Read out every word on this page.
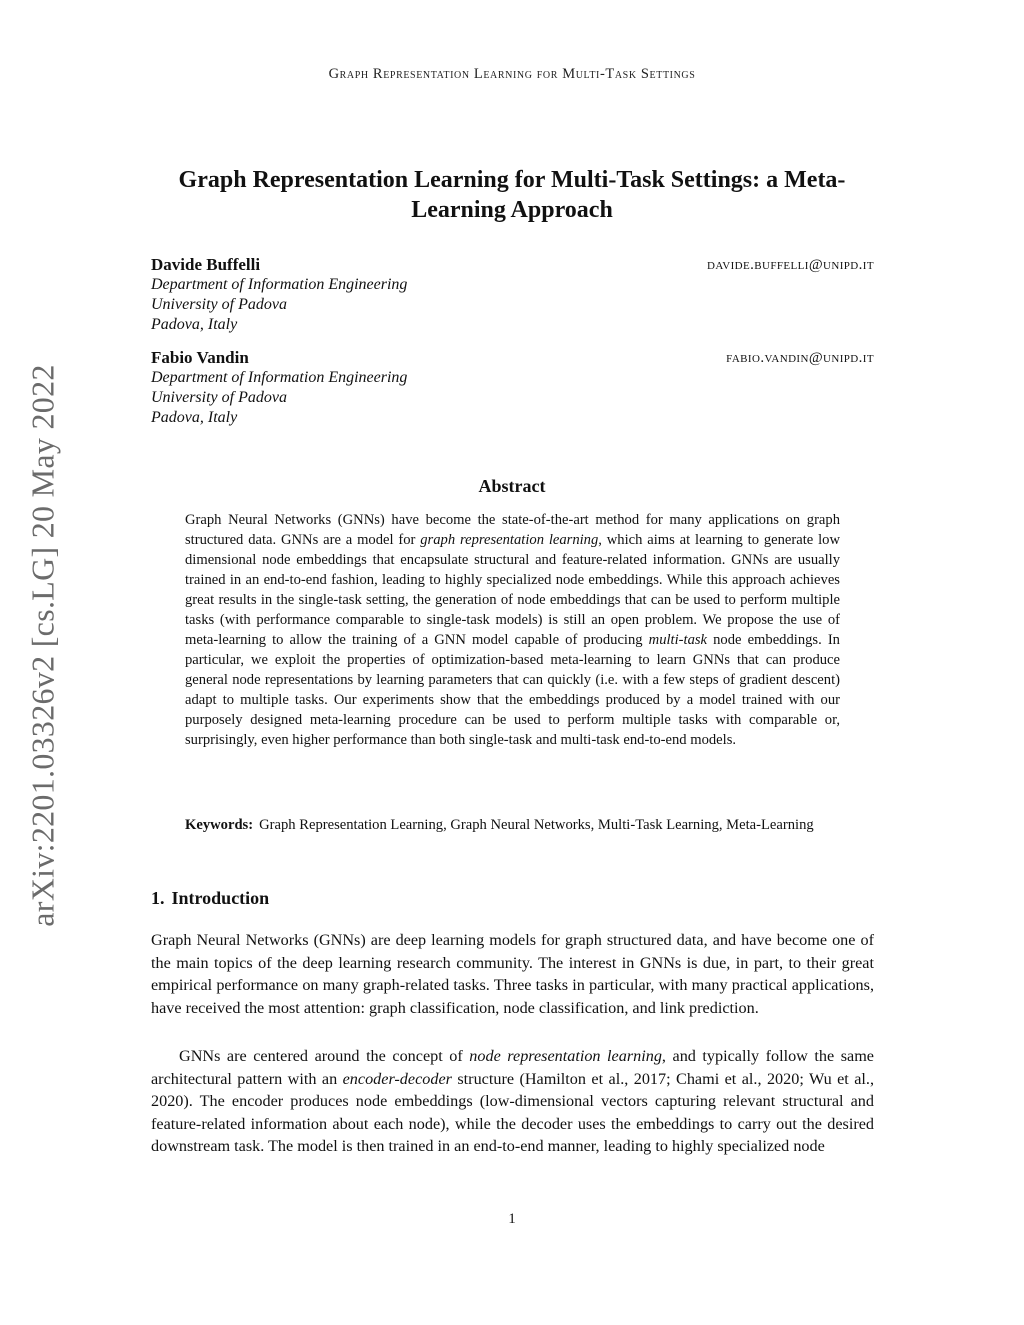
Graph Representation Learning for Multi-Task Settings
arXiv:2201.03326v2 [cs.LG] 20 May 2022
Graph Representation Learning for Multi-Task Settings: a Meta-Learning Approach
Davide Buffelli	davide.buffelli@unipd.it
Department of Information Engineering
University of Padova
Padova, Italy
Fabio Vandin	fabio.vandin@unipd.it
Department of Information Engineering
University of Padova
Padova, Italy
Abstract

Graph Neural Networks (GNNs) have become the state-of-the-art method for many applications on graph structured data. GNNs are a model for graph representation learning, which aims at learning to generate low dimensional node embeddings that encapsulate structural and feature-related information. GNNs are usually trained in an end-to-end fashion, leading to highly specialized node embeddings. While this approach achieves great results in the single-task setting, the generation of node embeddings that can be used to perform multiple tasks (with performance comparable to single-task models) is still an open problem. We propose the use of meta-learning to allow the training of a GNN model capable of producing multi-task node embeddings. In particular, we exploit the properties of optimization-based meta-learning to learn GNNs that can produce general node representations by learning parameters that can quickly (i.e. with a few steps of gradient descent) adapt to multiple tasks. Our experiments show that the embeddings produced by a model trained with our purposely designed meta-learning procedure can be used to perform multiple tasks with comparable or, surprisingly, even higher performance than both single-task and multi-task end-to-end models.

Keywords: Graph Representation Learning, Graph Neural Networks, Multi-Task Learning, Meta-Learning

1. Introduction

Graph Neural Networks (GNNs) are deep learning models for graph structured data, and have become one of the main topics of the deep learning research community. The interest in GNNs is due, in part, to their great empirical performance on many graph-related tasks. Three tasks in particular, with many practical applications, have received the most attention: graph classification, node classification, and link prediction.

GNNs are centered around the concept of node representation learning, and typically follow the same architectural pattern with an encoder-decoder structure (Hamilton et al., 2017; Chami et al., 2020; Wu et al., 2020). The encoder produces node embeddings (low-dimensional vectors capturing relevant structural and feature-related information about each node), while the decoder uses the embeddings to carry out the desired downstream task. The model is then trained in an end-to-end manner, leading to highly specialized node

1
